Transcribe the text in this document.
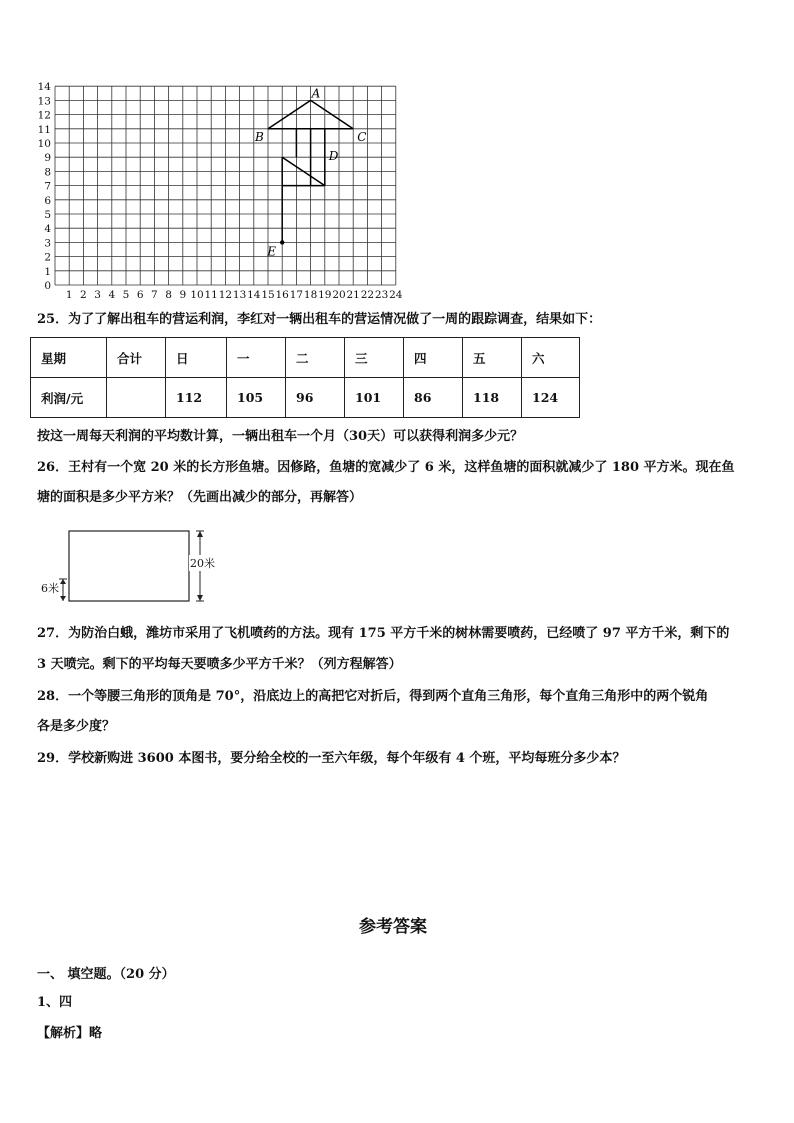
1 2 3 4 5 6 7 8 9 10 11 12 13 14 15 16 17 18 19 20 21 22 23 24
0
1
2
3
4
5
6
7
8
9
10
11
12
13
14	A
B	C
D
E
25．为了了解出租车的营运利润，李红对一辆出租车的营运情况做了一周的跟踪调查，结果如下：
星期	合计	日	一	二	三	四	五	六
利润/元		112	105	96	101	86	118	124
按这一周每天利润的平均数计算，一辆出租车一个月（30天）可以获得利润多少元？
26．王村有一个宽 20 米的长方形鱼塘。因修路，鱼塘的宽减少了 6 米，这样鱼塘的面积就减少了 180 平方米。现在鱼
塘的面积是多少平方米？（先画出减少的部分，再解答）
20米
6米
27．为防治白蛾，潍坊市采用了飞机喷药的方法。现有 175 平方千米的树林需要喷药，已经喷了 97 平方千米，剩下的
3 天喷完。剩下的平均每天要喷多少平方千米？（列方程解答）
28．一个等腰三角形的顶角是 70°，沿底边上的高把它对折后，得到两个直角三角形，每个直角三角形中的两个锐角
各是多少度？
29．学校新购进 3600 本图书，要分给全校的一至六年级，每个年级有 4 个班，平均每班分多少本？
参考答案
一、 填空题。（20 分）
1、四
【解析】略
